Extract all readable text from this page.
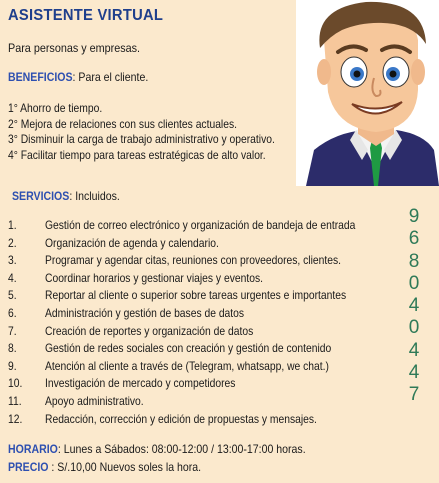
ASISTENTE VIRTUAL
Para personas y empresas.
BENEFICIOS: Para el cliente.
1° Ahorro de tiempo.
2° Mejora de relaciones con sus clientes actuales.
3° Disminuir la carga de trabajo administrativo y operativo.
4° Facilitar tiempo para tareas estratégicas de alto valor.
SERVICIOS: Incluidos.
1. Gestión de correo electrónico y organización de bandeja de entrada
2. Organización de agenda y calendario.
3. Programar y agendar citas, reuniones con proveedores, clientes.
4. Coordinar horarios y gestionar viajes y eventos.
5. Reportar al cliente o superior sobre tareas urgentes e importantes
6. Administración y gestión de bases de datos
7. Creación de reportes y organización de datos
8. Gestión de redes sociales con creación y gestión de contenido
9. Atención al cliente a través de (Telegram, whatsapp, we chat.)
10. Investigación de mercado y competidores
11. Apoyo administrativo.
12. Redacción, corrección y edición de propuestas y mensajes.
9
6
8
0
4
0
4
4
7
HORARIO: Lunes a Sábados: 08:00-12:00 / 13:00-17:00 horas.
PRECIO : S/.10,00 Nuevos soles la hora.
